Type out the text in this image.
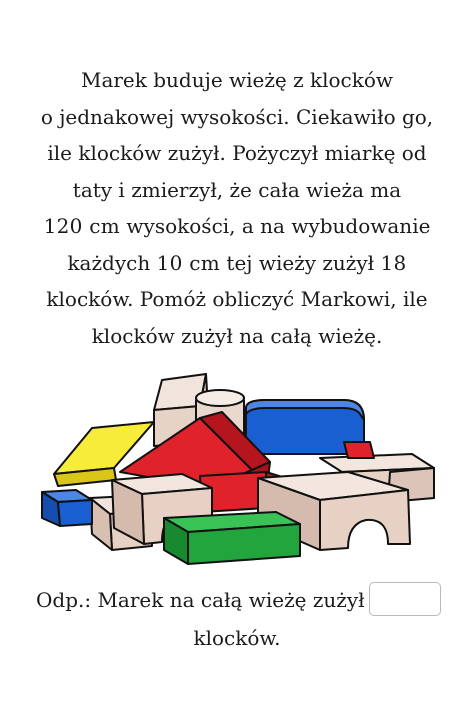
Marek buduje wieżę z klocków
o jednakowej wysokości. Ciekawiło go,
ile klocków zużył. Pożyczył miarkę od
taty i zmierzył, że cała wieża ma
120 cm wysokości, a na wybudowanie
każdych 10 cm tej wieży zużył 18
klocków. Pomóż obliczyć Markowi, ile
klocków zużył na całą wieżę.
Odp.: Marek na całą wieżę zużył
klocków.
